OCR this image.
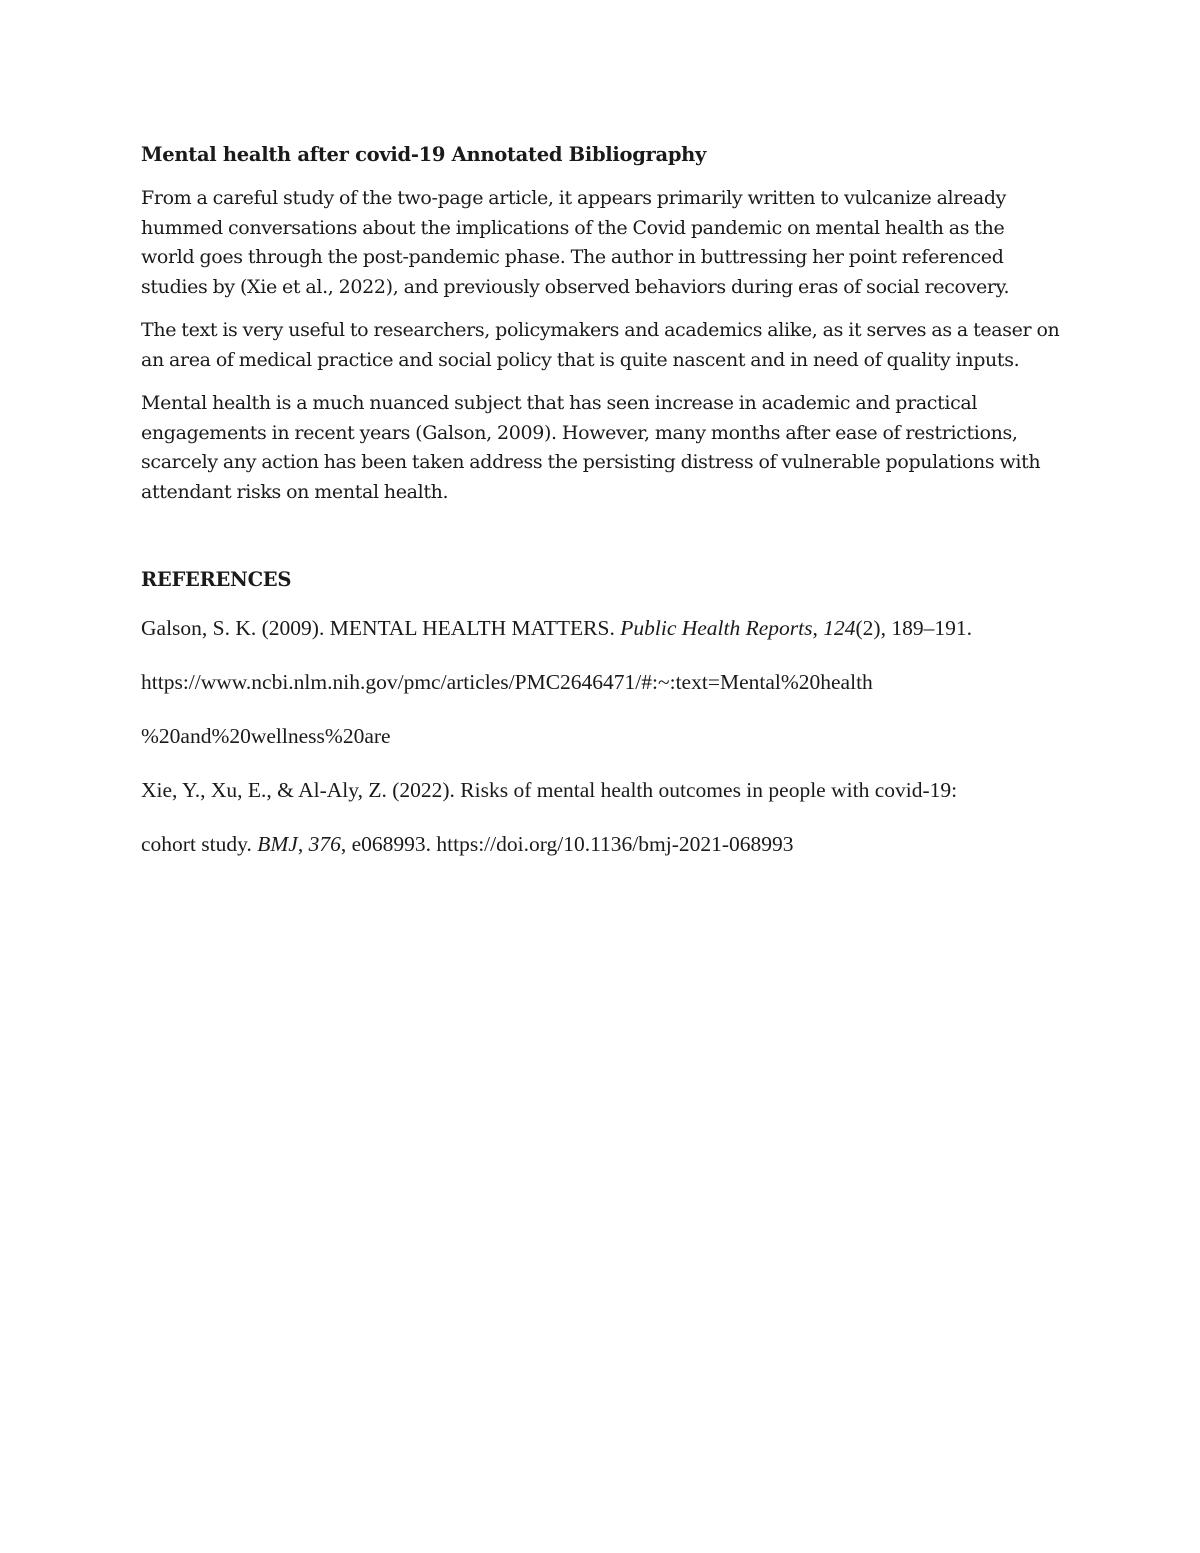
Mental health after covid-19 Annotated Bibliography

From a careful study of the two-page article, it appears primarily written to vulcanize already hummed conversations about the implications of the Covid pandemic on mental health as the world goes through the post-pandemic phase. The author in buttressing her point referenced studies by (Xie et al., 2022), and previously observed behaviors during eras of social recovery.

The text is very useful to researchers, policymakers and academics alike, as it serves as a teaser on an area of medical practice and social policy that is quite nascent and in need of quality inputs.

Mental health is a much nuanced subject that has seen increase in academic and practical engagements in recent years (Galson, 2009). However, many months after ease of restrictions, scarcely any action has been taken address the persisting distress of vulnerable populations with attendant risks on mental health.

REFERENCES
Galson, S. K. (2009). MENTAL HEALTH MATTERS. Public Health Reports, 124(2), 189–191.
https://www.ncbi.nlm.nih.gov/pmc/articles/PMC2646471/#:~:text=Mental%20health
%20and%20wellness%20are
Xie, Y., Xu, E., & Al-Aly, Z. (2022). Risks of mental health outcomes in people with covid-19:
cohort study. BMJ, 376, e068993. https://doi.org/10.1136/bmj-2021-068993
